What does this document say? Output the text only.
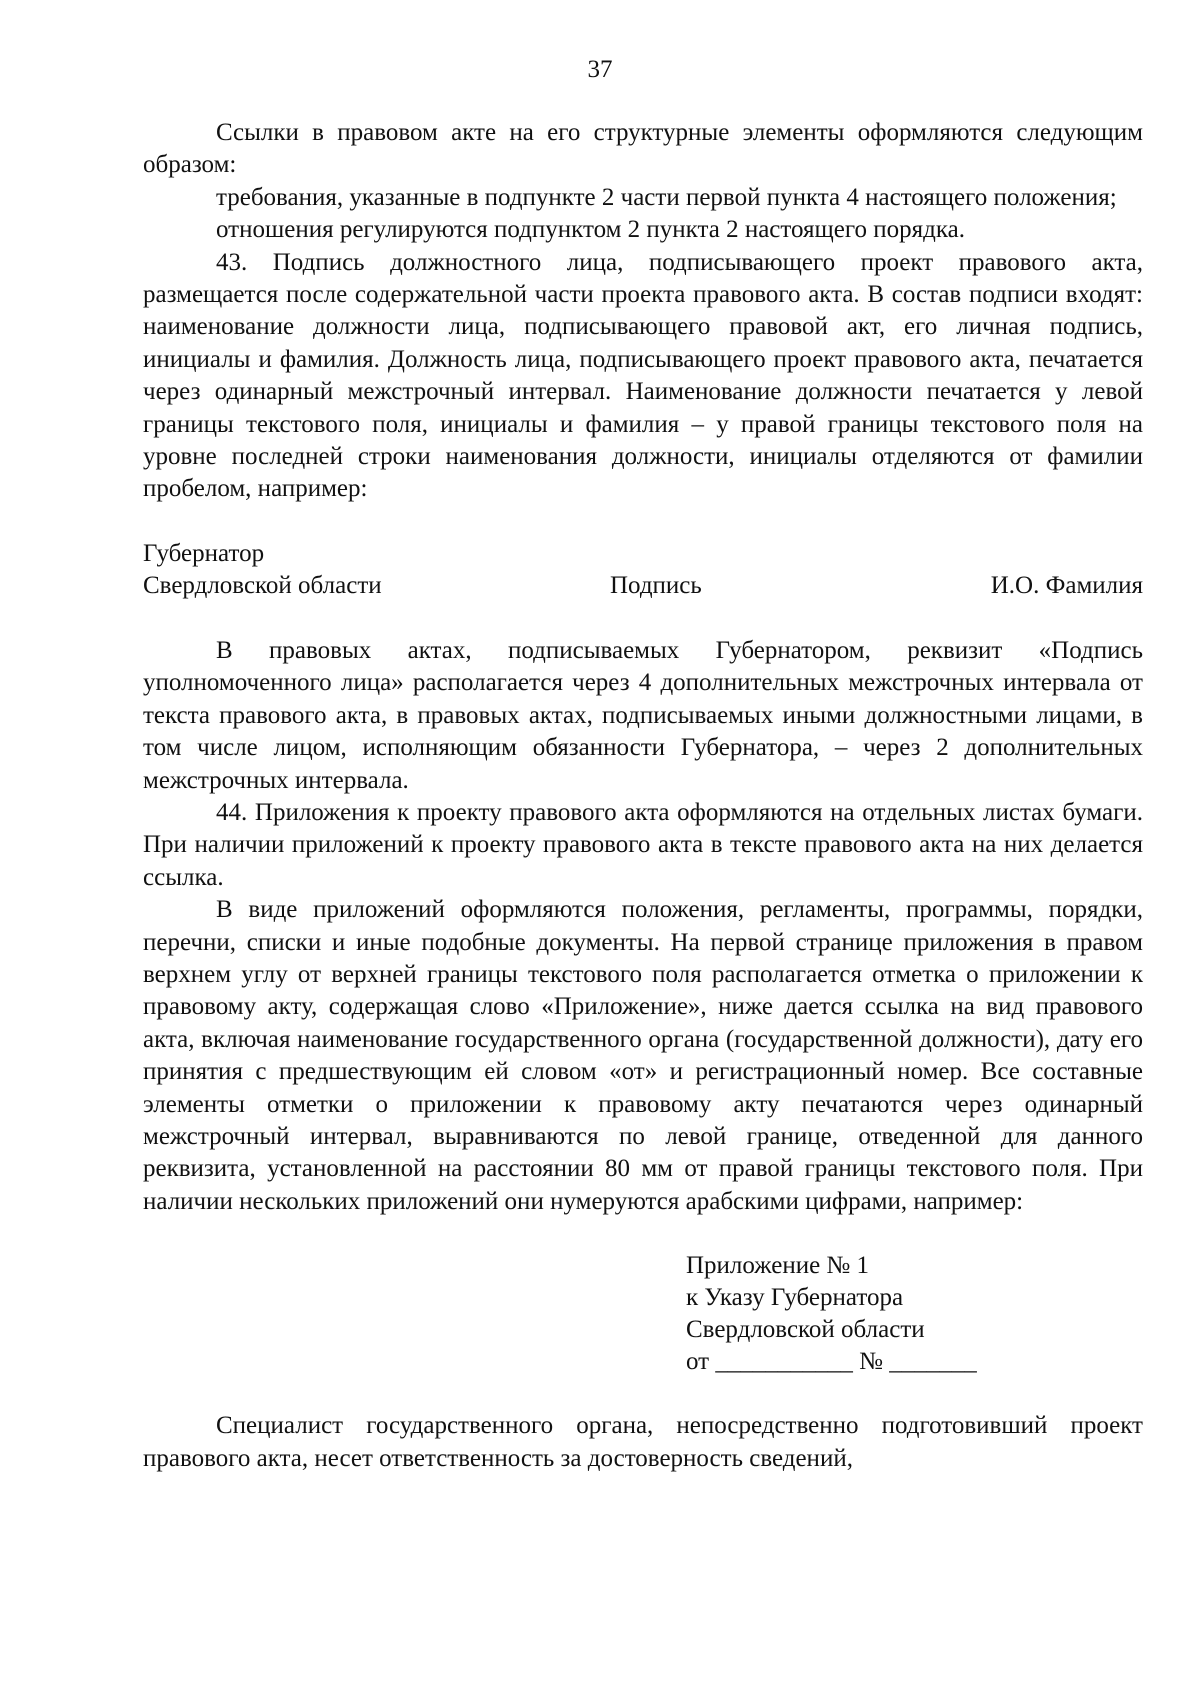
37

Ссылки в правовом акте на его структурные элементы оформляются следующим образом:

требования, указанные в подпункте 2 части первой пункта 4 настоящего положения;

отношения регулируются подпунктом 2 пункта 2 настоящего порядка.

43. Подпись должностного лица, подписывающего проект правового акта, размещается после содержательной части проекта правового акта. В состав подписи входят: наименование должности лица, подписывающего правовой акт, его личная подпись, инициалы и фамилия. Должность лица, подписывающего проект правового акта, печатается через одинарный межстрочный интервал. Наименование должности печатается у левой границы текстового поля, инициалы и фамилия – у правой границы текстового поля на уровне последней строки наименования должности, инициалы отделяются от фамилии пробелом, например:

Губернатор
Свердловской области	Подпись	И.О. Фамилия

В правовых актах, подписываемых Губернатором, реквизит «Подпись уполномоченного лица» располагается через 4 дополнительных межстрочных интервала от текста правового акта, в правовых актах, подписываемых иными должностными лицами, в том числе лицом, исполняющим обязанности Губернатора, – через 2 дополнительных межстрочных интервала.

44. Приложения к проекту правового акта оформляются на отдельных листах бумаги. При наличии приложений к проекту правового акта в тексте правового акта на них делается ссылка.

В виде приложений оформляются положения, регламенты, программы, порядки, перечни, списки и иные подобные документы. На первой странице приложения в правом верхнем углу от верхней границы текстового поля располагается отметка о приложении к правовому акту, содержащая слово «Приложение», ниже дается ссылка на вид правового акта, включая наименование государственного органа (государственной должности), дату его принятия с предшествующим ей словом «от» и регистрационный номер. Все составные элементы отметки о приложении к правовому акту печатаются через одинарный межстрочный интервал, выравниваются по левой границе, отведенной для данного реквизита, установленной на расстоянии 80 мм от правой границы текстового поля. При наличии нескольких приложений они нумеруются арабскими цифрами, например:

Приложение № 1
к Указу Губернатора
Свердловской области
от ___________ № _______

Специалист государственного органа, непосредственно подготовивший проект правового акта, несет ответственность за достоверность сведений,
